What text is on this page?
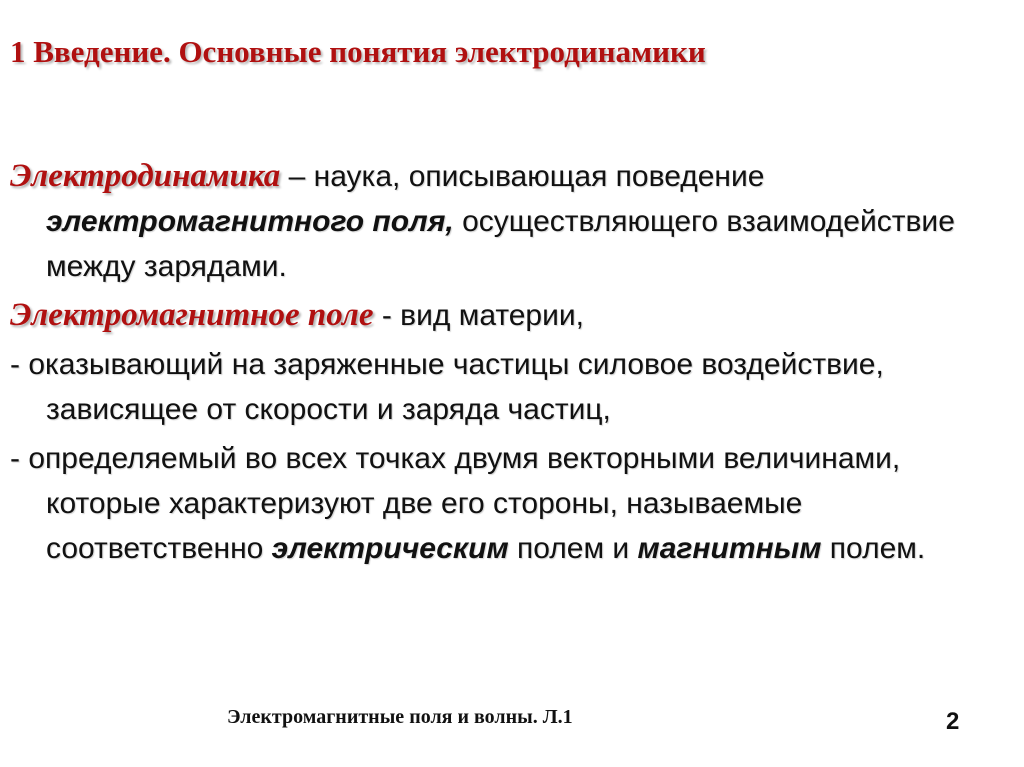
1 Введение. Основные понятия электродинамики

Электродинамика – наука, описывающая поведение электромагнитного поля, осуществляющего взаимодействие между зарядами.

Электромагнитное поле - вид материи,

- оказывающий на заряженные частицы силовое воздействие, зависящее от скорости и заряда частиц,

- определяемый во всех точках двумя векторными величинами, которые характеризуют две его стороны, называемые соответственно электрическим полем и магнитным полем.

Электромагнитные поля и волны. Л.1	2
